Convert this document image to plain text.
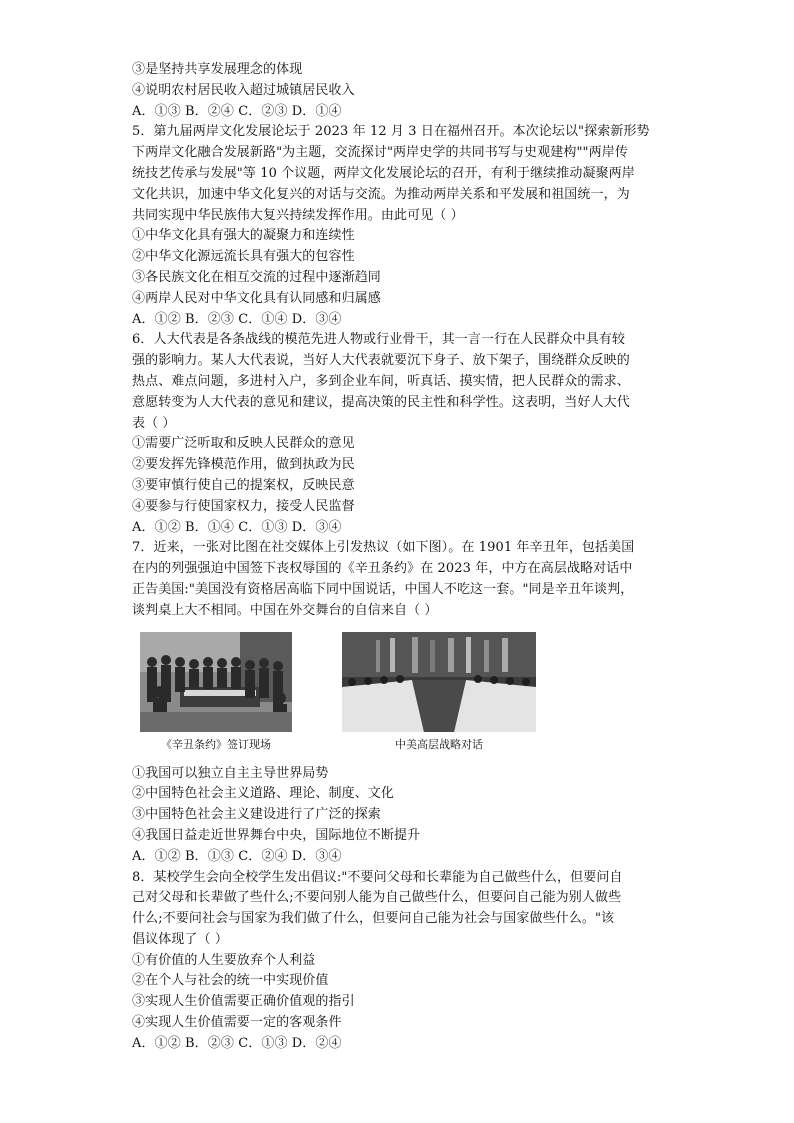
③是坚持共享发展理念的体现
④说明农村居民收入超过城镇居民收入
A．①③ B．②④ C．②③ D．①④
5．第九届两岸文化发展论坛于 2023 年 12 月 3 日在福州召开。本次论坛以"探索新形势
下两岸文化融合发展新路"为主题，交流探讨"两岸史学的共同书写与史观建构""两岸传
统技艺传承与发展"等 10 个议题，两岸文化发展论坛的召开，有利于继续推动凝聚两岸
文化共识，加速中华文化复兴的对话与交流。为推动两岸关系和平发展和祖国统一，为
共同实现中华民族伟大复兴持续发挥作用。由此可见（ ）
①中华文化具有强大的凝聚力和连续性
②中华文化源远流长具有强大的包容性
③各民族文化在相互交流的过程中逐渐趋同
④两岸人民对中华文化具有认同感和归属感
A．①② B．②③ C．①④ D．③④
6．人大代表是各条战线的模范先进人物或行业骨干，其一言一行在人民群众中具有较
强的影响力。某人大代表说，当好人大代表就要沉下身子、放下架子，围绕群众反映的
热点、难点问题，多进村入户，多到企业车间，听真话、摸实情，把人民群众的需求、
意愿转变为人大代表的意见和建议，提高决策的民主性和科学性。这表明，当好人大代
表（ ）
①需要广泛听取和反映人民群众的意见
②要发挥先锋模范作用，做到执政为民
③要审慎行使自己的提案权，反映民意
④要参与行使国家权力，接受人民监督
A．①② B．①④ C．①③ D．③④
7．近来，一张对比图在社交媒体上引发热议（如下图）。在 1901 年辛丑年，包括美国
在内的列强强迫中国签下丧权辱国的《辛丑条约》在 2023 年，中方在高层战略对话中
正告美国:"美国没有资格居高临下同中国说话，中国人不吃这一套。"同是辛丑年谈判，
谈判桌上大不相同。中国在外交舞台的自信来自（ ）
《辛丑条约》签订现场	中美高层战略对话
①我国可以独立自主主导世界局势
②中国特色社会主义道路、理论、制度、文化
③中国特色社会主义建设进行了广泛的探索
④我国日益走近世界舞台中央，国际地位不断提升
A．①② B．①③ C．②④ D．③④
8．某校学生会向全校学生发出倡议:"不要问父母和长辈能为自己做些什么，但要问自
己对父母和长辈做了些什么;不要问别人能为自己做些什么，但要问自己能为别人做些
什么;不要问社会与国家为我们做了什么，但要问自己能为社会与国家做些什么。"该
倡议体现了（ ）
①有价值的人生要放弃个人利益
②在个人与社会的统一中实现价值
③实现人生价值需要正确价值观的指引
④实现人生价值需要一定的客观条件
A．①② B．②③ C．①③ D．②④
